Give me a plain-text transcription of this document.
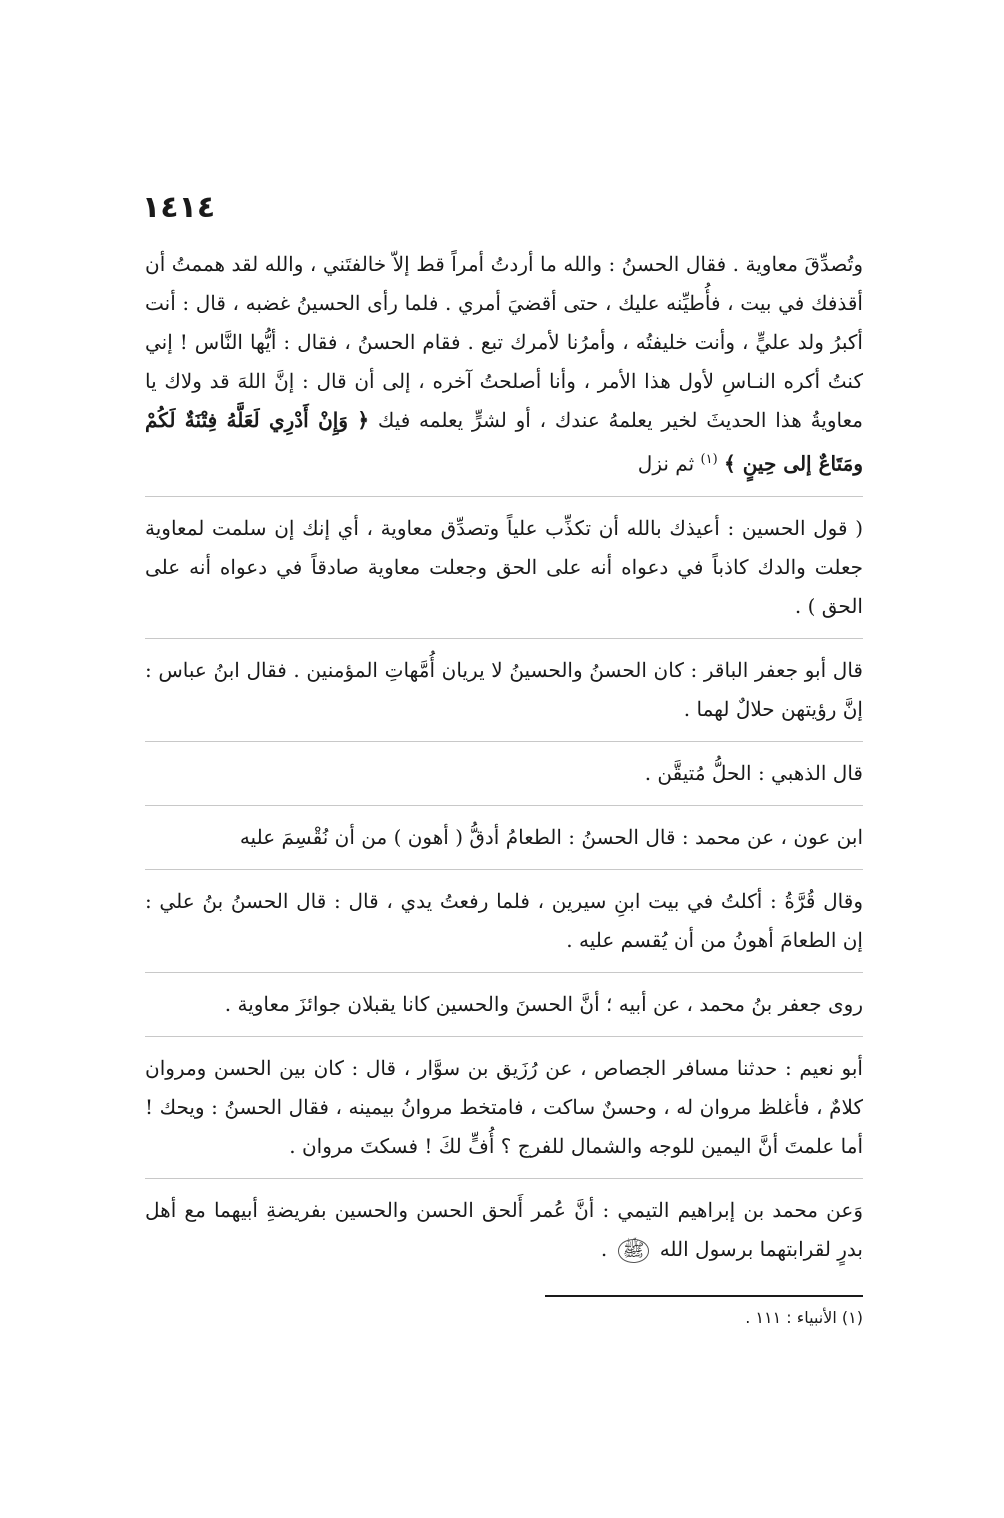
١٤١٤

وتُصدِّقَ معاوية . فقال الحسنُ : والله ما أردتُ أمراً قط إلاّ خالفتَني ، والله لقد هممتُ أن أقذفك في بيت ، فأُطيِّنه عليك ، حتى أقضيَ أمري . فلما رأى الحسينُ غضبه ، قال : أنت أكبرُ ولد عليٍّ ، وأنت خليفتُه ، وأمرُنا لأمرك تبع . فقام الحسنُ ، فقال : أيُّها النَّاس ! إني كنتُ أكره النـاسِ لأول هذا الأمر ، وأنا أصلحتُ آخره ، إلى أن قال : إنَّ اللهَ قد ولاك يا معاويةُ هذا الحديثَ لخير يعلمهُ عندك ، أو لشرٍّ يعلمه فيك ﴿ وَإِنْ أَدْرِي لَعَلَّهُ فِتْنَةٌ لَكُمْ ومَتَاعٌ إلى حِينٍ ﴾ $^{(١)}$ ثم نزل

( قول الحسين : أعيذك بالله أن تكذِّب علياً وتصدِّق معاوية ، أي إنك إن سلمت لمعاوية جعلت والدك كاذباً في دعواه أنه على الحق وجعلت معاوية صادقاً في دعواه أنه على الحق ) .

قال أبو جعفر الباقر : كان الحسنُ والحسينُ لا يريان أُمَّهاتِ المؤمنين . فقال ابنُ عباس : إنَّ رؤيتهن حلالٌ لهما .

قال الذهبي : الحلُّ مُتيقَّن .

ابن عون ، عن محمد : قال الحسنُ : الطعامُ أدقُّ ( أهون ) من أن نُقْسِمَ عليه

وقال قُرَّةُ : أكلتُ في بيت ابنِ سيرين ، فلما رفعتُ يدي ، قال : قال الحسنُ بنُ علي : إن الطعامَ أهونُ من أن يُقسم عليه .

روى جعفر بنُ محمد ، عن أبيه ؛ أنَّ الحسنَ والحسين كانا يقبلان جوائزَ معاوية .

أبو نعيم : حدثنا مسافر الجصاص ، عن رُزَيق بن سوَّار ، قال : كان بين الحسن ومروان كلامٌ ، فأغلظ مروان له ، وحسنٌ ساكت ، فامتخط مروانُ بيمينه ، فقال الحسنُ : ويحك ! أما علمتَ أنَّ اليمين للوجه والشمال للفرج ؟ أُفٍّ لكَ ! فسكتَ مروان .

وَعن محمد بن إبراهيم التيمي : أنَّ عُمر أَلحق الحسن والحسين بفريضةِ أبيهما مع أهل بدرٍ لقرابتهما برسول الله ﷺ .

(١) الأنبياء : ١١١ .
